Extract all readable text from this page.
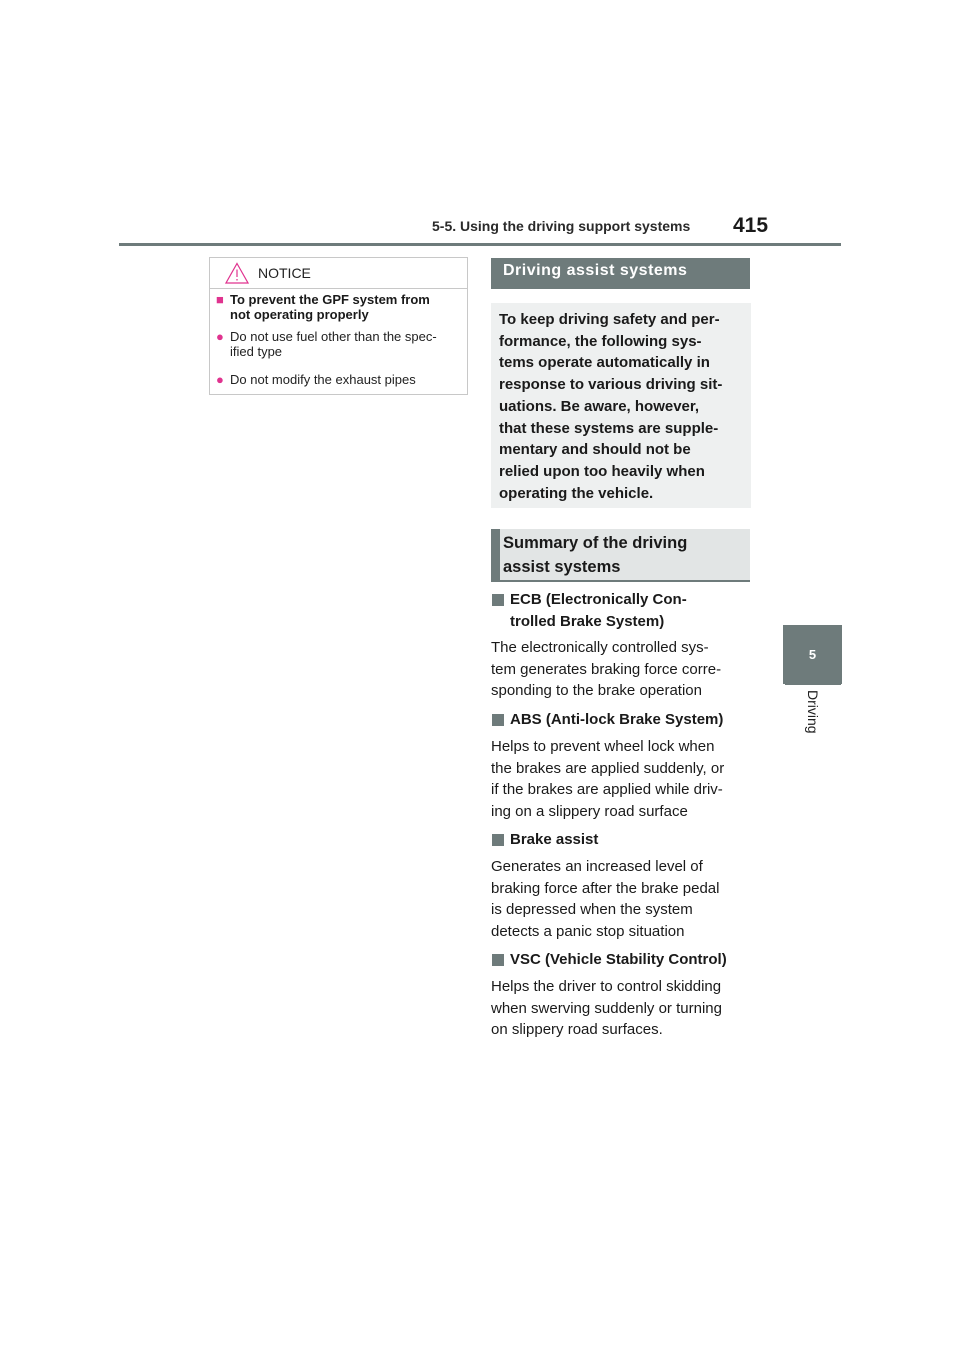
5-5. Using the driving support systems 415
5
Driving
NOTICE
■ To prevent the GPF system from
not operating properly
● Do not use fuel other than the spec-
ified type
● Do not modify the exhaust pipes
Driving assist systems
To keep driving safety and per-
formance, the following sys-
tems operate automatically in
response to various driving sit-
uations. Be aware, however,
that these systems are supple-
mentary and should not be
relied upon too heavily when
operating the vehicle.
Summary of the driving
assist systems
ECB (Electronically Con-
trolled Brake System)
The electronically controlled sys-
tem generates braking force corre-
sponding to the brake operation
ABS (Anti-lock Brake System)
Helps to prevent wheel lock when
the brakes are applied suddenly, or
if the brakes are applied while driv-
ing on a slippery road surface
Brake assist
Generates an increased level of
braking force after the brake pedal
is depressed when the system
detects a panic stop situation
VSC (Vehicle Stability Control)
Helps the driver to control skidding
when swerving suddenly or turning
on slippery road surfaces.
